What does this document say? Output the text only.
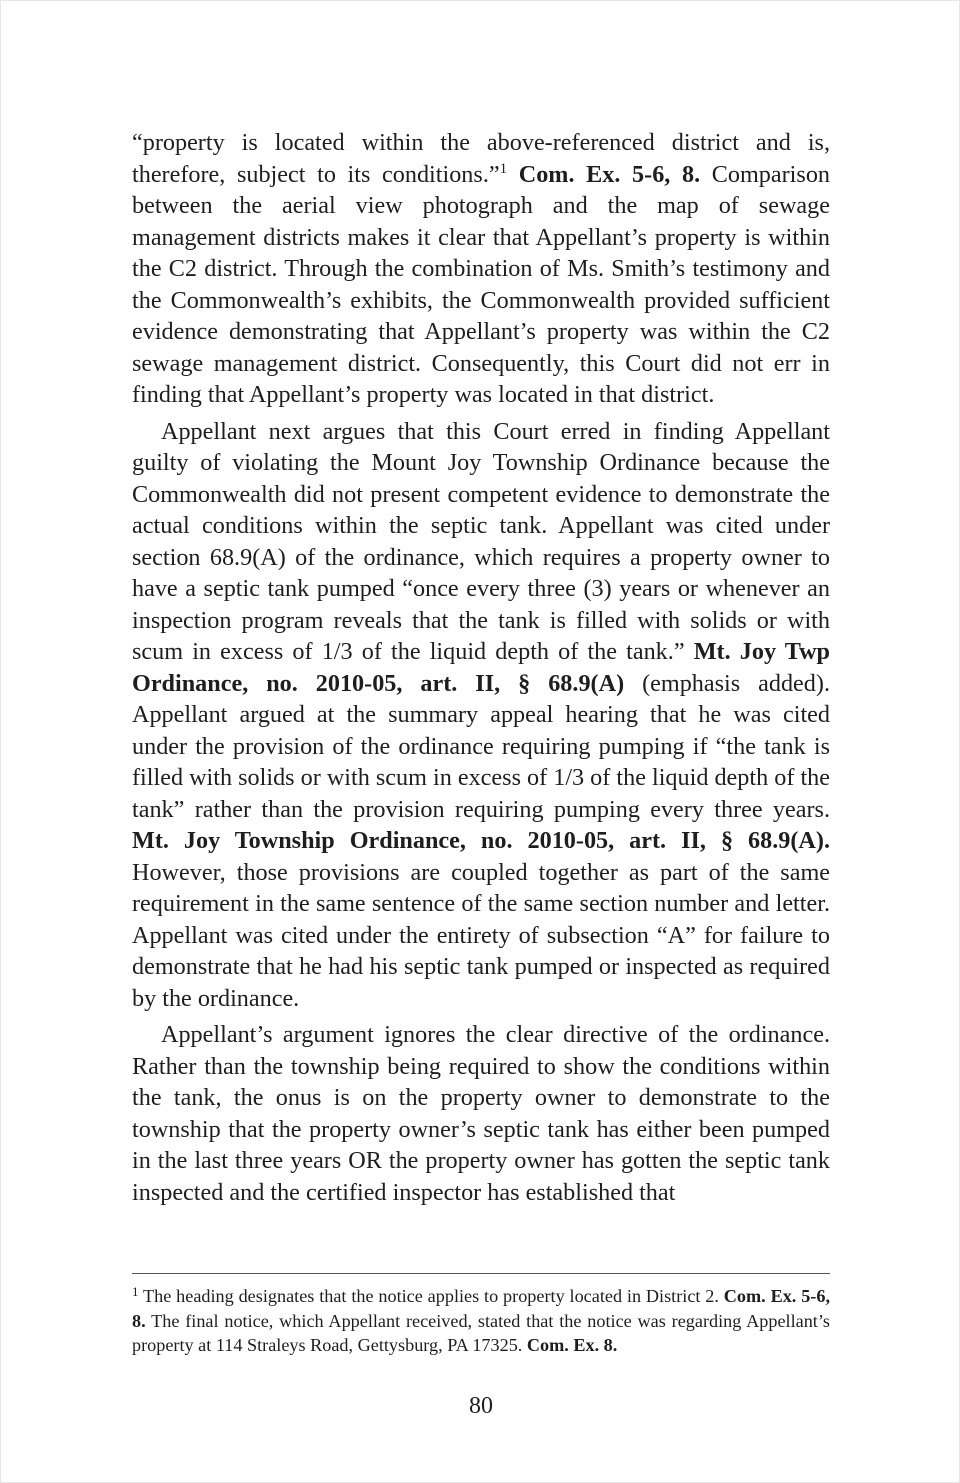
“property is located within the above-referenced district and is, therefore, subject to its conditions.”$^1$ Com. Ex. 5-6, 8. Comparison between the aerial view photograph and the map of sewage management districts makes it clear that Appellant’s property is within the C2 district. Through the combination of Ms. Smith’s testimony and the Commonwealth’s exhibits, the Commonwealth provided sufficient evidence demonstrating that Appellant’s property was within the C2 sewage management district. Consequently, this Court did not err in finding that Appellant’s property was located in that district.

Appellant next argues that this Court erred in finding Appellant guilty of violating the Mount Joy Township Ordinance because the Commonwealth did not present competent evidence to demonstrate the actual conditions within the septic tank. Appellant was cited under section 68.9(A) of the ordinance, which requires a property owner to have a septic tank pumped “once every three (3) years or whenever an inspection program reveals that the tank is filled with solids or with scum in excess of 1/3 of the liquid depth of the tank.” Mt. Joy Twp Ordinance, no. 2010-05, art. II, § 68.9(A) (emphasis added). Appellant argued at the summary appeal hearing that he was cited under the provision of the ordinance requiring pumping if “the tank is filled with solids or with scum in excess of 1/3 of the liquid depth of the tank” rather than the provision requiring pumping every three years. Mt. Joy Township Ordinance, no. 2010-05, art. II, § 68.9(A). However, those provisions are coupled together as part of the same requirement in the same sentence of the same section number and letter. Appellant was cited under the entirety of subsection “A” for failure to demonstrate that he had his septic tank pumped or inspected as required by the ordinance.

Appellant’s argument ignores the clear directive of the ordinance. Rather than the township being required to show the conditions within the tank, the onus is on the property owner to demonstrate to the township that the property owner’s septic tank has either been pumped in the last three years OR the property owner has gotten the septic tank inspected and the certified inspector has established that

$^1$ The heading designates that the notice applies to property located in District 2. Com. Ex. 5-6, 8. The final notice, which Appellant received, stated that the notice was regarding Appellant’s property at 114 Straleys Road, Gettysburg, PA 17325. Com. Ex. 8.

80
